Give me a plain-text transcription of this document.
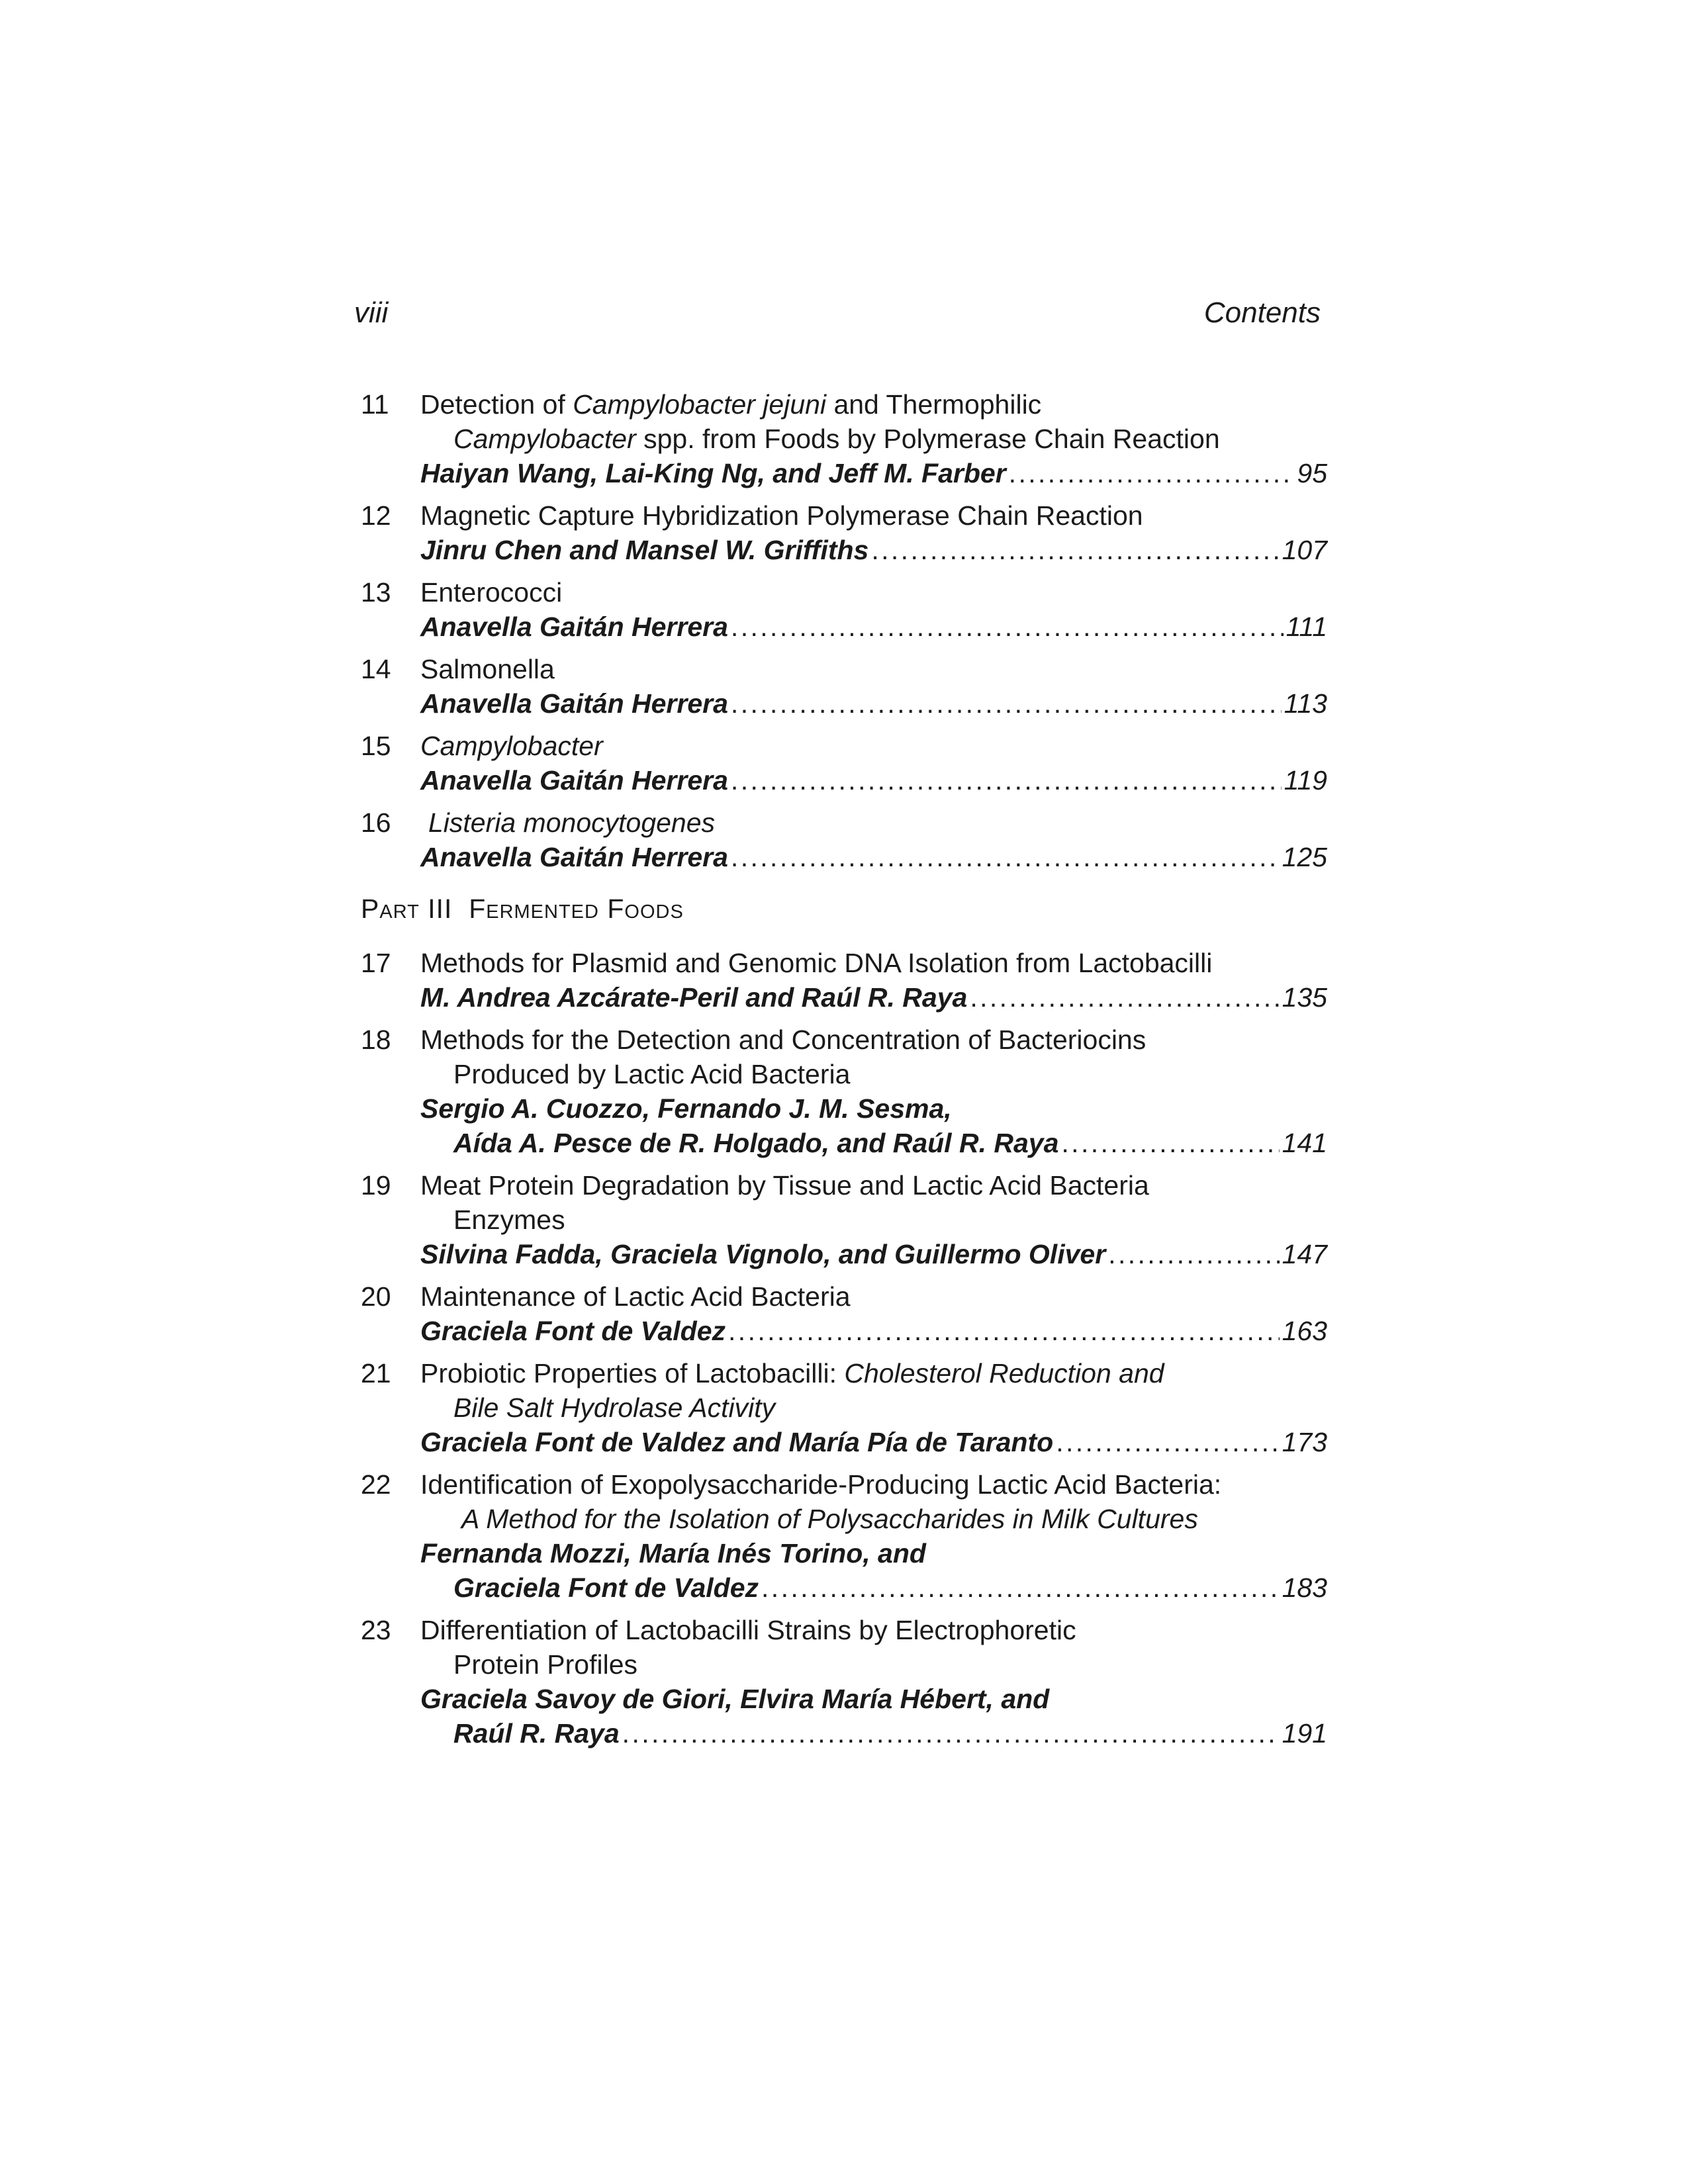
viii	Contents
11	Detection of Campylobacter jejuni and Thermophilic
Campylobacter spp. from Foods by Polymerase Chain Reaction
Haiyan Wang, Lai-King Ng, and Jeff M. Farber . . .	95
12	Magnetic Capture Hybridization Polymerase Chain Reaction
Jinru Chen and Mansel W. Griffiths . . .	107
13	Enterococci
Anavella Gaitán Herrera . . .	111
14	Salmonella
Anavella Gaitán Herrera . . .	113
15	Campylobacter
Anavella Gaitán Herrera . . .	119
16	Listeria monocytogenes
Anavella Gaitán Herrera . . .	125
Part III Fermented Foods
17	Methods for Plasmid and Genomic DNA Isolation from Lactobacilli
M. Andrea Azcárate-Peril and Raúl R. Raya . . .	135
18	Methods for the Detection and Concentration of Bacteriocins
Produced by Lactic Acid Bacteria
Sergio A. Cuozzo, Fernando J. M. Sesma,
Aída A. Pesce de R. Holgado, and Raúl R. Raya . . .	141
19	Meat Protein Degradation by Tissue and Lactic Acid Bacteria
Enzymes
Silvina Fadda, Graciela Vignolo, and Guillermo Oliver . . .	147
20	Maintenance of Lactic Acid Bacteria
Graciela Font de Valdez . . .	163
21	Probiotic Properties of Lactobacilli: Cholesterol Reduction and
Bile Salt Hydrolase Activity
Graciela Font de Valdez and María Pía de Taranto . . .	173
22	Identification of Exopolysaccharide-Producing Lactic Acid Bacteria:
A Method for the Isolation of Polysaccharides in Milk Cultures
Fernanda Mozzi, María Inés Torino, and
Graciela Font de Valdez . . .	183
23	Differentiation of Lactobacilli Strains by Electrophoretic
Protein Profiles
Graciela Savoy de Giori, Elvira María Hébert, and
Raúl R. Raya . . .	191
